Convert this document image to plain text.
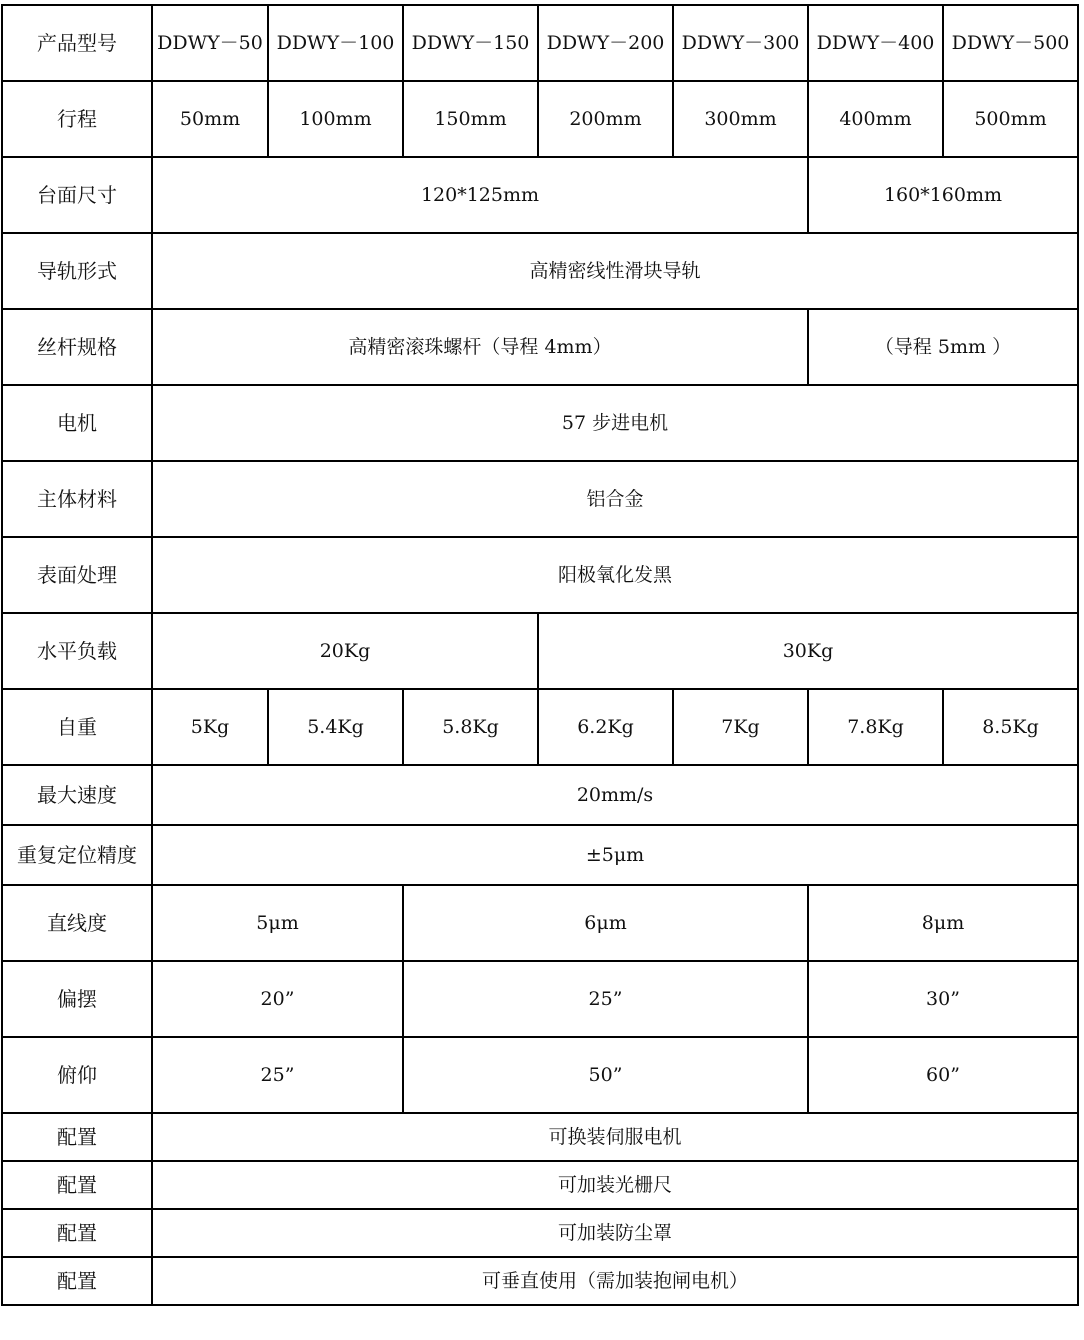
产品型号	DDWY－50	DDWY－100	DDWY－150	DDWY－200	DDWY－300	DDWY－400	DDWY－500
行程	50mm	100mm	150mm	200mm	300mm	400mm	500mm
台面尺寸	120*125mm					160*160mm	
导轨形式	高精密线性滑块导轨						
丝杆规格	高精密滚珠螺杆（导程 4mm）					（导程 5mm ）	
电机	57 步进电机						
主体材料	铝合金						
表面处理	阳极氧化发黑						
水平负载	20Kg			30Kg			
自重	5Kg	5.4Kg	5.8Kg	6.2Kg	7Kg	7.8Kg	8.5Kg
最大速度	20mm/s						
重复定位精度	±5μm						
直线度	5μm		6μm			8μm	
偏摆	20”		25”			30”	
俯仰	25”		50”			60”	
配置	可换装伺服电机						
配置	可加装光栅尺						
配置	可加装防尘罩						
配置	可垂直使用（需加装抱闸电机）						
